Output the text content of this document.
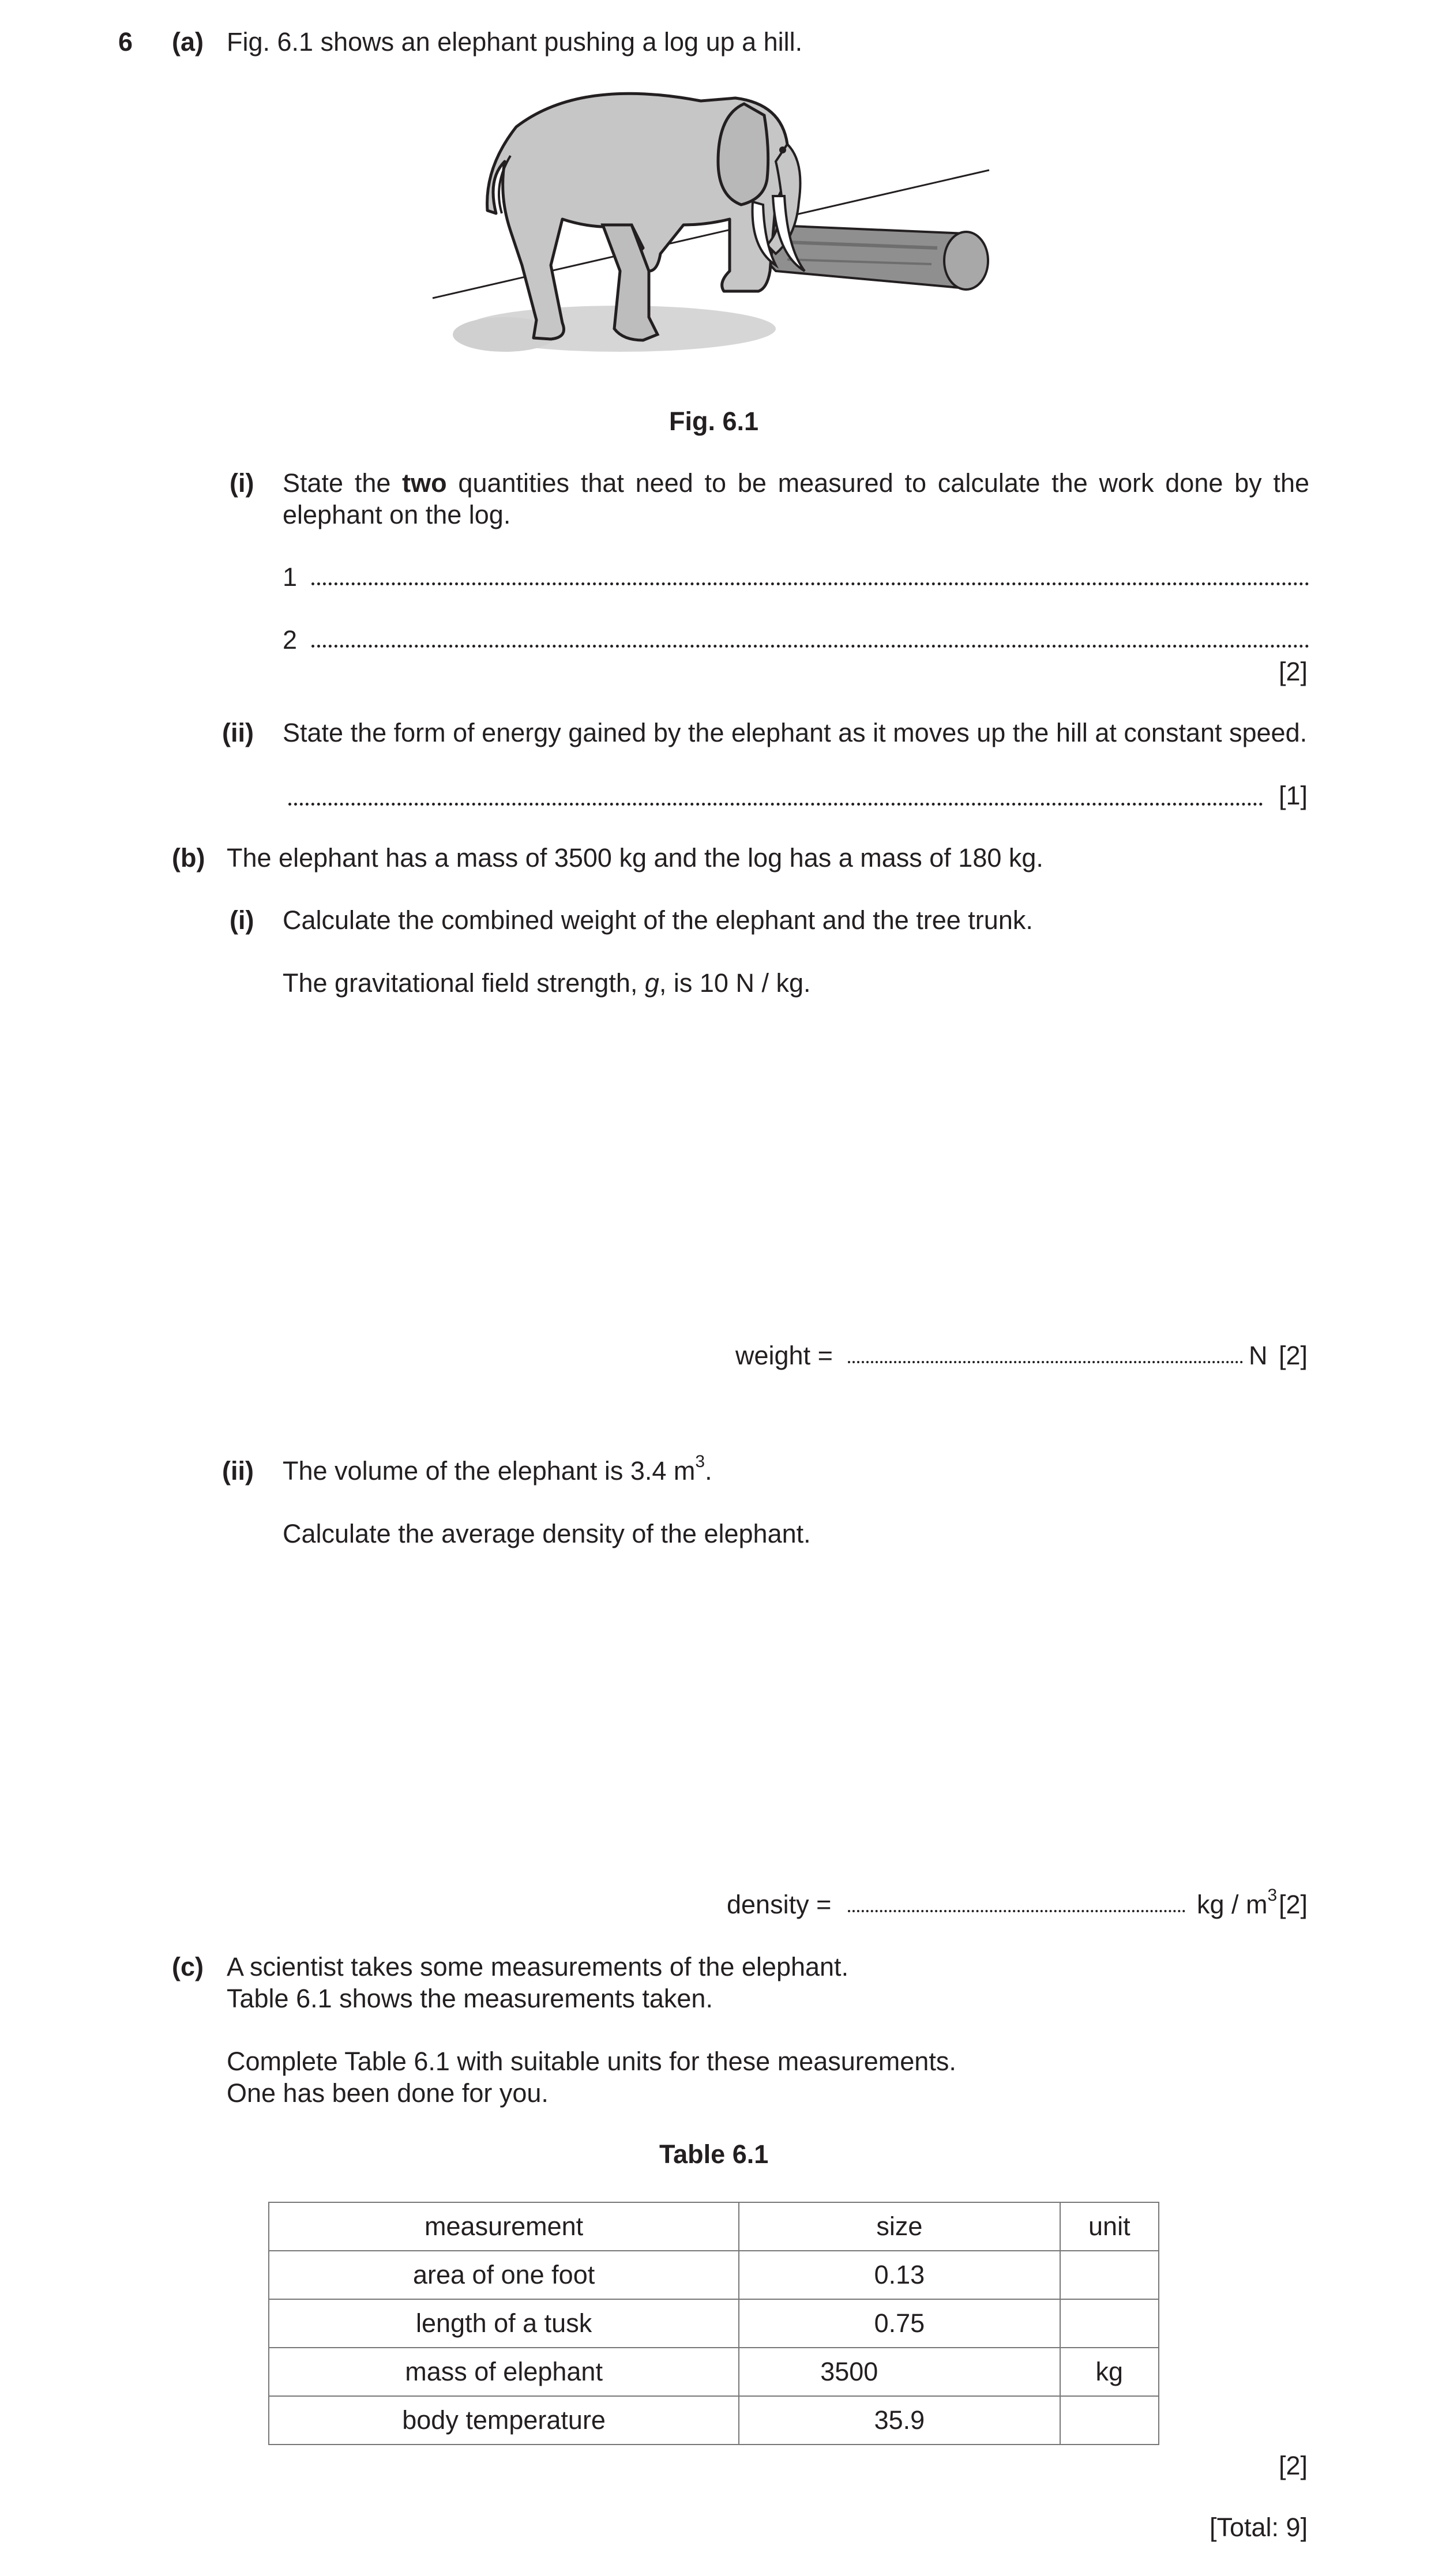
6 (a) Fig. 6.1 shows an elephant pushing a log up a hill.
Fig. 6.1
(i) State the two quantities that need to be measured to calculate the work done by the
elephant on the log.
1
2
[2]
(ii) State the form of energy gained by the elephant as it moves up the hill at constant speed.
[1]
(b) The elephant has a mass of 3500 kg and the log has a mass of 180 kg.
(i) Calculate the combined weight of the elephant and the tree trunk.
The gravitational field strength, g, is 10 N / kg.
weight =	N [2]
(ii) The volume of the elephant is 3.4 $m^3$.
Calculate the average density of the elephant.
density =	kg / $m^3$ [2]
(c) A scientist takes some measurements of the elephant.
Table 6.1 shows the measurements taken.
Complete Table 6.1 with suitable units for these measurements.
One has been done for you.
Table 6.1
measurement	size	unit
area of one foot	0.13	
length of a tusk	0.75	
mass of elephant	3500	kg
body temperature	35.9	
[2]
[Total: 9]
